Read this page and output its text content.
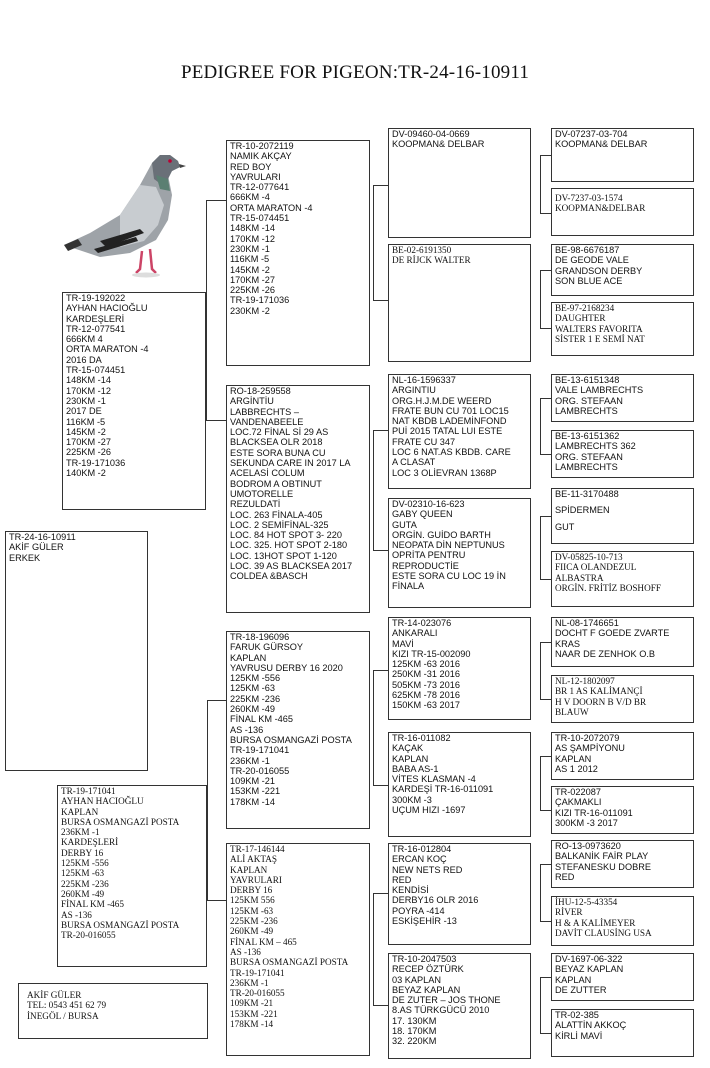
PEDIGREE FOR PIGEON:TR-24-16-10911
TR-24-16-10911
AKİF GÜLER
ERKEK
TR-19-192022
AYHAN HACIOĞLU
KARDEŞLERİ
TR-12-077541
666KM 4
ORTA MARATON -4
2016 DA
TR-15-074451
148KM -14
170KM -12
230KM -1
2017 DE
116KM -5
145KM -2
170KM -27
225KM -26
TR-19-171036
140KM -2
TR-19-171041
AYHAN HACIOĞLU
KAPLAN
BURSA OSMANGAZİ POSTA
236KM -1
KARDEŞLERİ
DERBY 16
125KM -556
125KM -63
225KM -236
260KM -49
FİNAL KM -465
AS -136
BURSA OSMANGAZİ POSTA
TR-20-016055
AKİF GÜLER
TEL: 0543 451 62 79
İNEGÖL / BURSA
TR-10-2072119
NAMIK AKÇAY
RED BOY
YAVRULARI
TR-12-077641
666KM -4
ORTA MARATON -4
TR-15-074451
148KM -14
170KM -12
230KM -1
116KM -5
145KM -2
170KM -27
225KM -26
TR-19-171036
230KM -2
RO-18-259558
ARGİNTİU
LABBRECHTS –
VANDENABEELE
LOC.72 FİNAL Sİ 29 AS
BLACKSEA OLR 2018
ESTE SORA BUNA CU
SEKUNDA CARE IN 2017 LA
ACELASİ COLUM
BODROM A OBTINUT
UMOTORELLE
REZULDATİ
LOC. 263 FİNALA-405
LOC. 2 SEMİFİNAL-325
LOC. 84 HOT SPOT 3- 220
LOC. 325. HOT SPOT 2-180
LOC. 13HOT SPOT 1-120
LOC. 39 AS BLACKSEA 2017
COLDEA &BASCH
TR-18-196096
FARUK GÜRSOY
KAPLAN
YAVRUSU DERBY 16 2020
125KM -556
125KM -63
225KM -236
260KM -49
FİNAL KM -465
AS -136
BURSA OSMANGAZİ POSTA
TR-19-171041
236KM -1
TR-20-016055
109KM -21
153KM -221
178KM -14
TR-17-146144
ALİ AKTAŞ
KAPLAN
YAVRULARI
DERBY 16
125KM 556
125KM -63
225KM -236
260KM -49
FİNAL KM – 465
AS -136
BURSA OSMANGAZİ POSTA
TR-19-171041
236KM -1
TR-20-016055
109KM -21
153KM -221
178KM -14
DV-09460-04-0669
KOOPMAN& DELBAR
BE-02-6191350
DE RİJCK WALTER
NL-16-1596337
ARGINTIU
ORG.H.J.M.DE WEERD
FRATE BUN CU 701 LOC15
NAT KBDB LADEMİNFOND
PUİ 2015 TATAL LUI ESTE
FRATE CU 347
LOC 6 NAT.AS KBDB. CARE
A CLASAT
LOC 3 OLİEVRAN 1368P
DV-02310-16-623
GABY QUEEN
GUTA
ORGİN. GUİDO BARTH
NEOPATA DİN NEPTUNUS
OPRİTA PENTRU
REPRODUCTİE
ESTE SORA CU LOC 19 İN
FİNALA
TR-14-023076
ANKARALI
MAVİ
KIZI TR-15-002090
125KM -63 2016
250KM -31 2016
505KM -73 2016
625KM -78 2016
150KM -63 2017
TR-16-011082
KAÇAK
KAPLAN
BABA AS-1
VİTES KLASMAN -4
KARDEŞİ TR-16-011091
300KM -3
UÇUM HIZI -1697
TR-16-012804
ERCAN KOÇ
NEW NETS RED
RED
KENDİSİ
DERBY16 OLR 2016
POYRA -414
ESKİŞEHİR -13
TR-10-2047503
RECEP ÖZTÜRK
03 KAPLAN
BEYAZ KAPLAN
DE ZUTER – JOS THONE
8.AS TÜRKGÜCÜ 2010
17. 130KM
18. 170KM
32. 220KM
DV-07237-03-704
KOOPMAN& DELBAR
DV-7237-03-1574
KOOPMAN&DELBAR
BE-98-6676187
DE GEODE VALE
GRANDSON DERBY
SON BLUE ACE
BE-97-2168234
DAUGHTER
WALTERS FAVORITA
SİSTER 1 E SEMİ NAT
BE-13-6151348
VALE LAMBRECHTS
ORG. STEFAAN
LAMBRECHTS
BE-13-6151362
LAMBRECHTS 362
ORG. STEFAAN
LAMBRECHTS
BE-11-3170488
SPİDERMEN
GUT
DV-05825-10-713
FIICA OLANDEZUL
ALBASTRA
ORGİN. FRİTİZ BOSHOFF
NL-08-1746651
DOCHT F GOEDE ZVARTE
KRAS
NAAR DE ZENHOK O.B
NL-12-1802097
BR 1 AS KALİMANÇİ
H V DOORN B V/D BR
BLAUW
TR-10-2072079
AS ŞAMPİYONU
KAPLAN
AS 1 2012
TR-022087
ÇAKMAKLI
KIZI TR-16-011091
300KM -3 2017
RO-13-0973620
BALKANİK FAİR PLAY
STEFANESKU DOBRE
RED
İHU-12-5-43354
RİVER
H & A KALİMEYER
DAVİT CLAUSİNG USA
DV-1697-06-322
BEYAZ KAPLAN
KAPLAN
DE ZUTTER
TR-02-385
ALATTİN AKKOÇ
KİRLİ MAVİ
